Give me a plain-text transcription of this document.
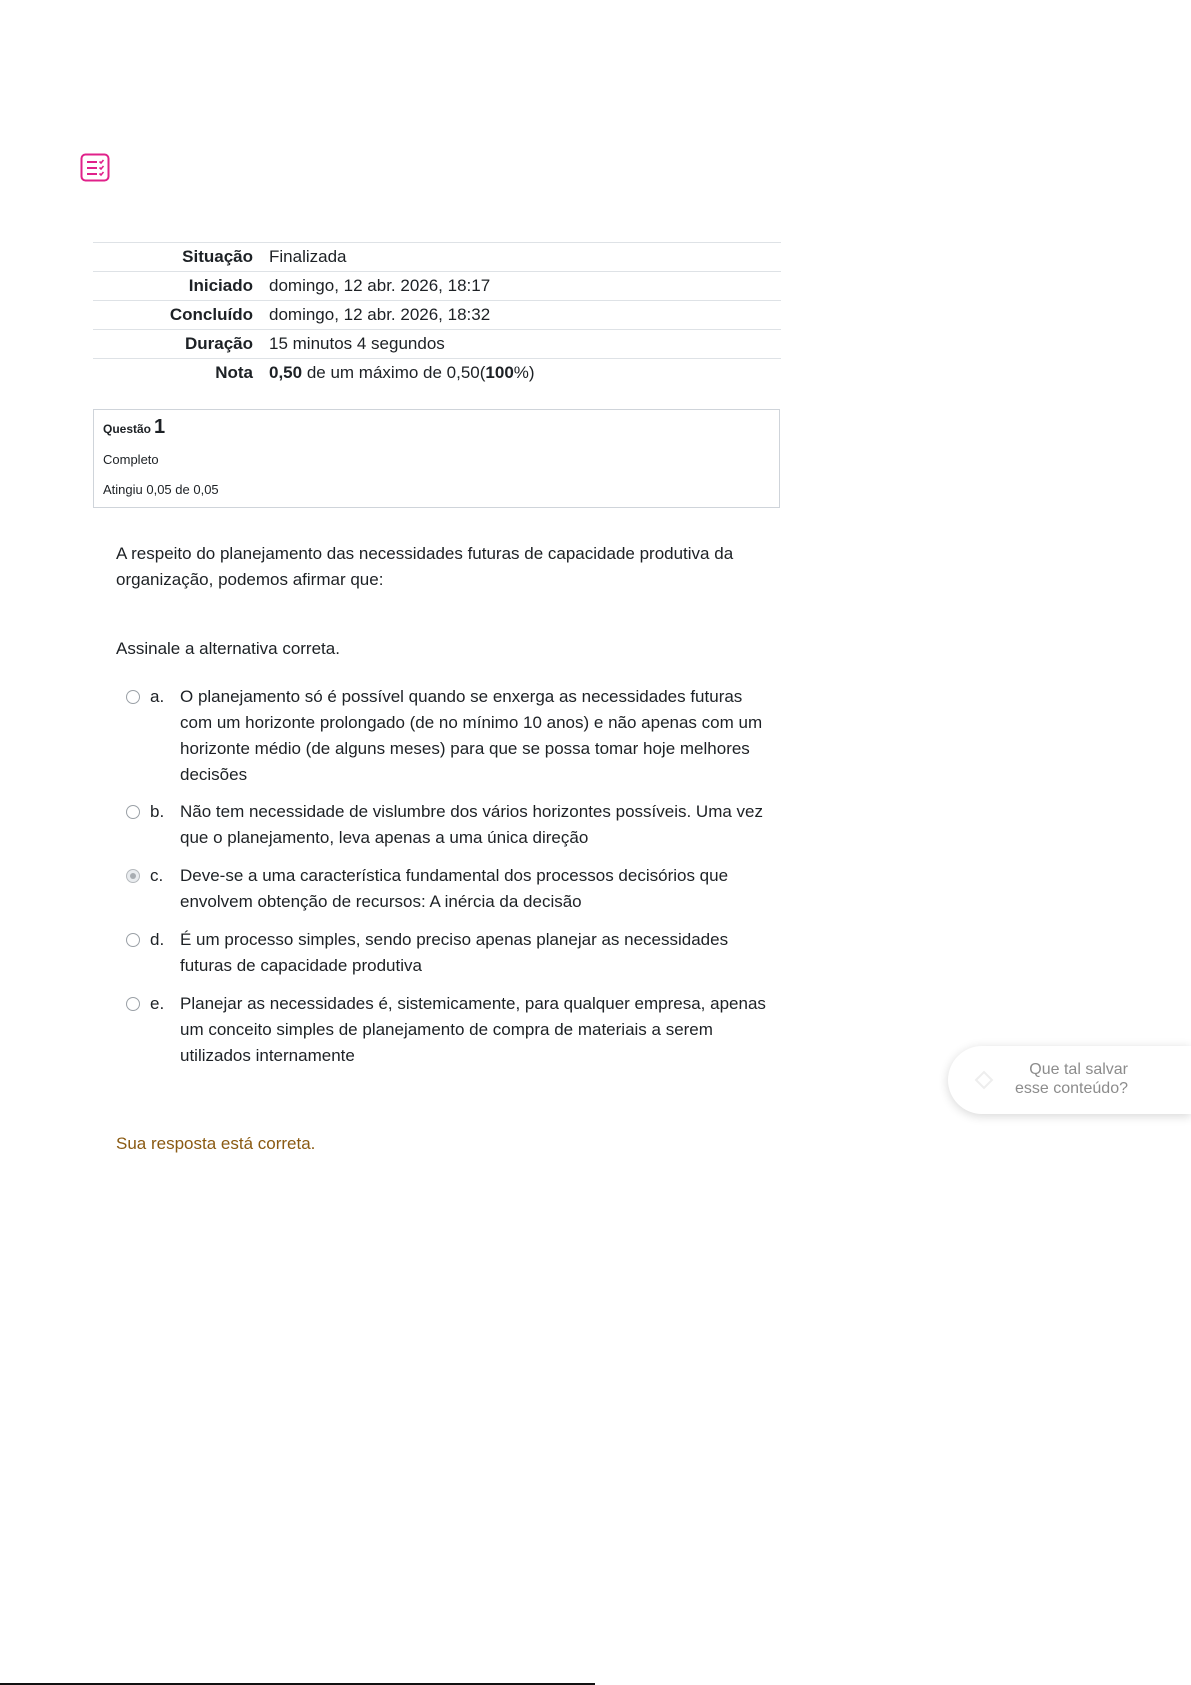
Situação	Finalizada
Iniciado	domingo, 12 abr. 2026, 18:17
Concluído	domingo, 12 abr. 2026, 18:32
Duração	15 minutos 4 segundos
Nota	0,50 de um máximo de 0,50(100%)
Questão 1
Completo
Atingiu 0,05 de 0,05

A respeito do planejamento das necessidades futuras de capacidade produtiva da organização, podemos afirmar que:

Assinale a alternativa correta.
a. O planejamento só é possível quando se enxerga as necessidades futuras com um horizonte prolongado (de no mínimo 10 anos) e não apenas com um horizonte médio (de alguns meses) para que se possa tomar hoje melhores decisões
b. Não tem necessidade de vislumbre dos vários horizontes possíveis. Uma vez que o planejamento, leva apenas a uma única direção
c. Deve-se a uma característica fundamental dos processos decisórios que envolvem obtenção de recursos: A inércia da decisão
d. É um processo simples, sendo preciso apenas planejar as necessidades futuras de capacidade produtiva
e. Planejar as necessidades é, sistemicamente, para qualquer empresa, apenas um conceito simples de planejamento de compra de materiais a serem utilizados internamente
Sua resposta está correta.
Que tal salvar esse conteúdo?
